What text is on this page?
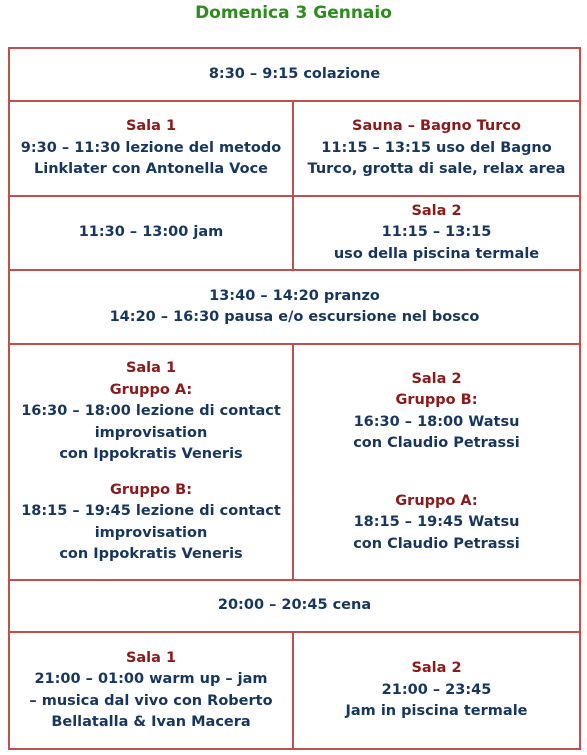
Domenica 3 Gennaio
8:30 – 9:15 colazione
Sala 1
9:30 – 11:30 lezione del metodo
Linklater con Antonella Voce
Sauna – Bagno Turco
11:15 – 13:15 uso del Bagno
Turco, grotta di sale, relax area
11:30 – 13:00 jam
Sala 2
11:15 – 13:15
uso della piscina termale
13:40 – 14:20 pranzo
14:20 – 16:30 pausa e/o escursione nel bosco
Sala 1
Gruppo A:
16:30 – 18:00 lezione di contact
improvisation
con Ippokratis Veneris
Gruppo B:
18:15 – 19:45 lezione di contact
improvisation
con Ippokratis Veneris
Sala 2
Gruppo B:
16:30 – 18:00 Watsu
con Claudio Petrassi
Gruppo A:
18:15 – 19:45 Watsu
con Claudio Petrassi
20:00 – 20:45 cena
Sala 1
21:00 – 01:00 warm up – jam
– musica dal vivo con Roberto
Bellatalla & Ivan Macera
Sala 2
21:00 – 23:45
Jam in piscina termale
